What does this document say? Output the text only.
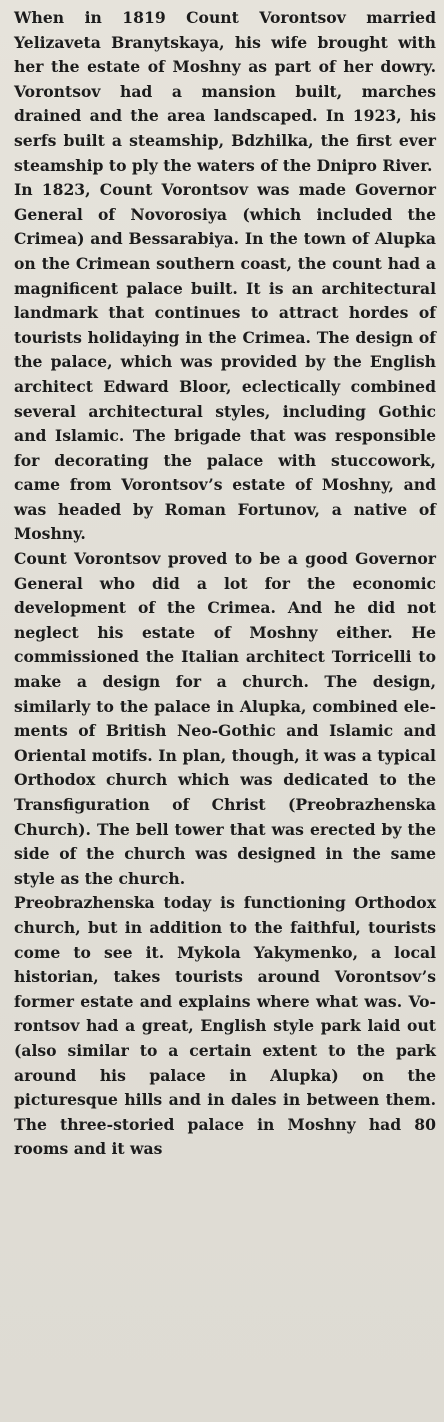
When in 1819 Count Vorontsov married Yelizaveta Branytskaya, his wife brought with her the estate of Moshny as part of her dowry. Vorontsov had a mansion built, marches drained and the area landscaped. In 1923, his serfs built a steamship, Bdzhilka, the first ever steamship to ply the waters of the Dnipro River.

In 1823, Count Vorontsov was made Governor General of Novorosiya (which included the Crimea) and Bessarabiya. In the town of Alupka on the Crimean southern coast, the count had a magnificent palace built. It is an architectural landmark that continues to attract hordes of tourists holidaying in the Crimea. The design of the palace, which was provided by the English architect Edward Bloor, eclectically combined several architectural styles, including Gothic and Islamic. The brigade that was responsible for decorating the palace with stuccowork, came from Vorontsov’s estate of Moshny, and was headed by Roman Fortunov, a native of Moshny.

Count Vorontsov proved to be a good Governor General who did a lot for the economic development of the Crimea. And he did not neglect his estate of Moshny either. He commissioned the Italian architect Torricelli to make a design for a church. The design, similarly to the palace in Alupka, combined elements of British Neo-Gothic and Islamic and Oriental motifs. In plan, though, it was a typical Orthodox church which was dedicated to the Transfiguration of Christ (Preobrazhenska Church). The bell tower that was erected by the side of the church was designed in the same style as the church.

Preobrazhenska today is functioning Orthodox church, but in addition to the faithful, tourists come to see it. Mykola Yakymenko, a local historian, takes tourists around Vorontsov’s former estate and explains where what was. Vorontsov had a great, English style park laid out (also similar to a certain extent to the park around his palace in Alupka) on the picturesque hills and in dales in between them. The three-storied palace in Moshny had 80 rooms and it was
